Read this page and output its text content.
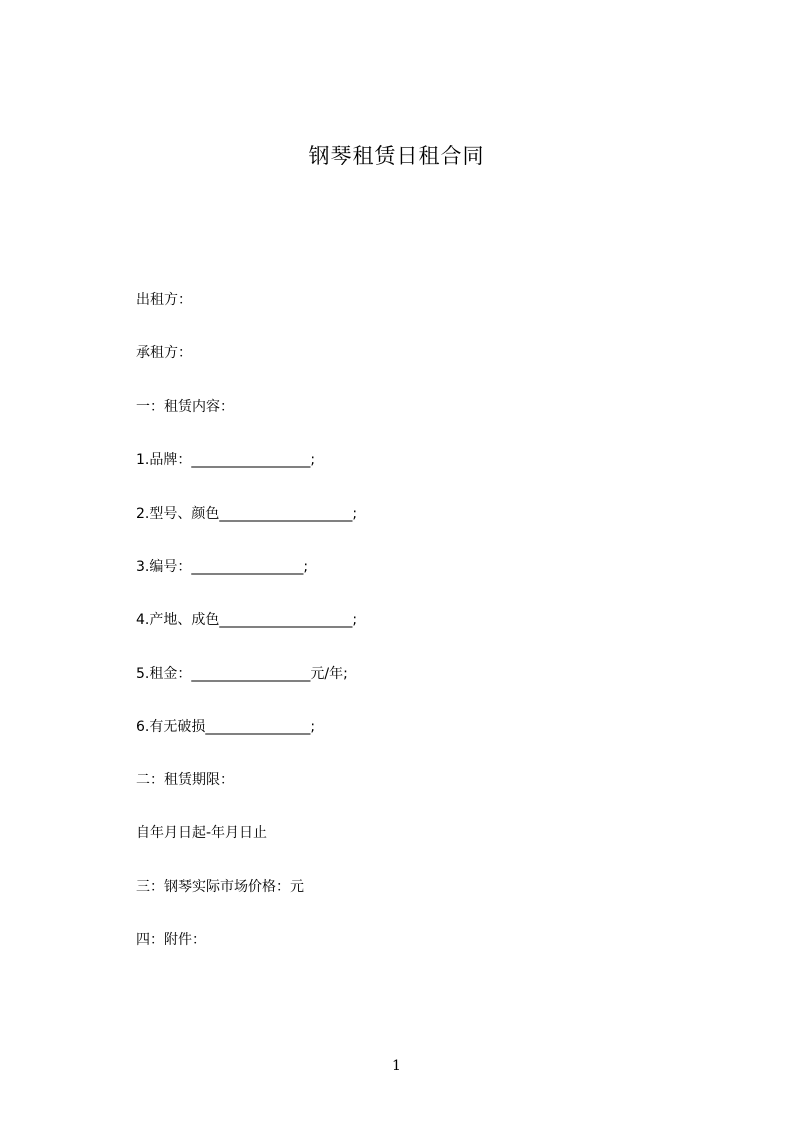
钢琴租赁日租合同
出租方：
承租方：
一：租赁内容：
1.品牌：_________________;
2.型号、颜色___________________;
3.编号：________________;
4.产地、成色___________________;
5.租金：_________________元/年;
6.有无破损_______________;
二：租赁期限：
自年月日起-年月日止
三：钢琴实际市场价格：元
四：附件：
1
